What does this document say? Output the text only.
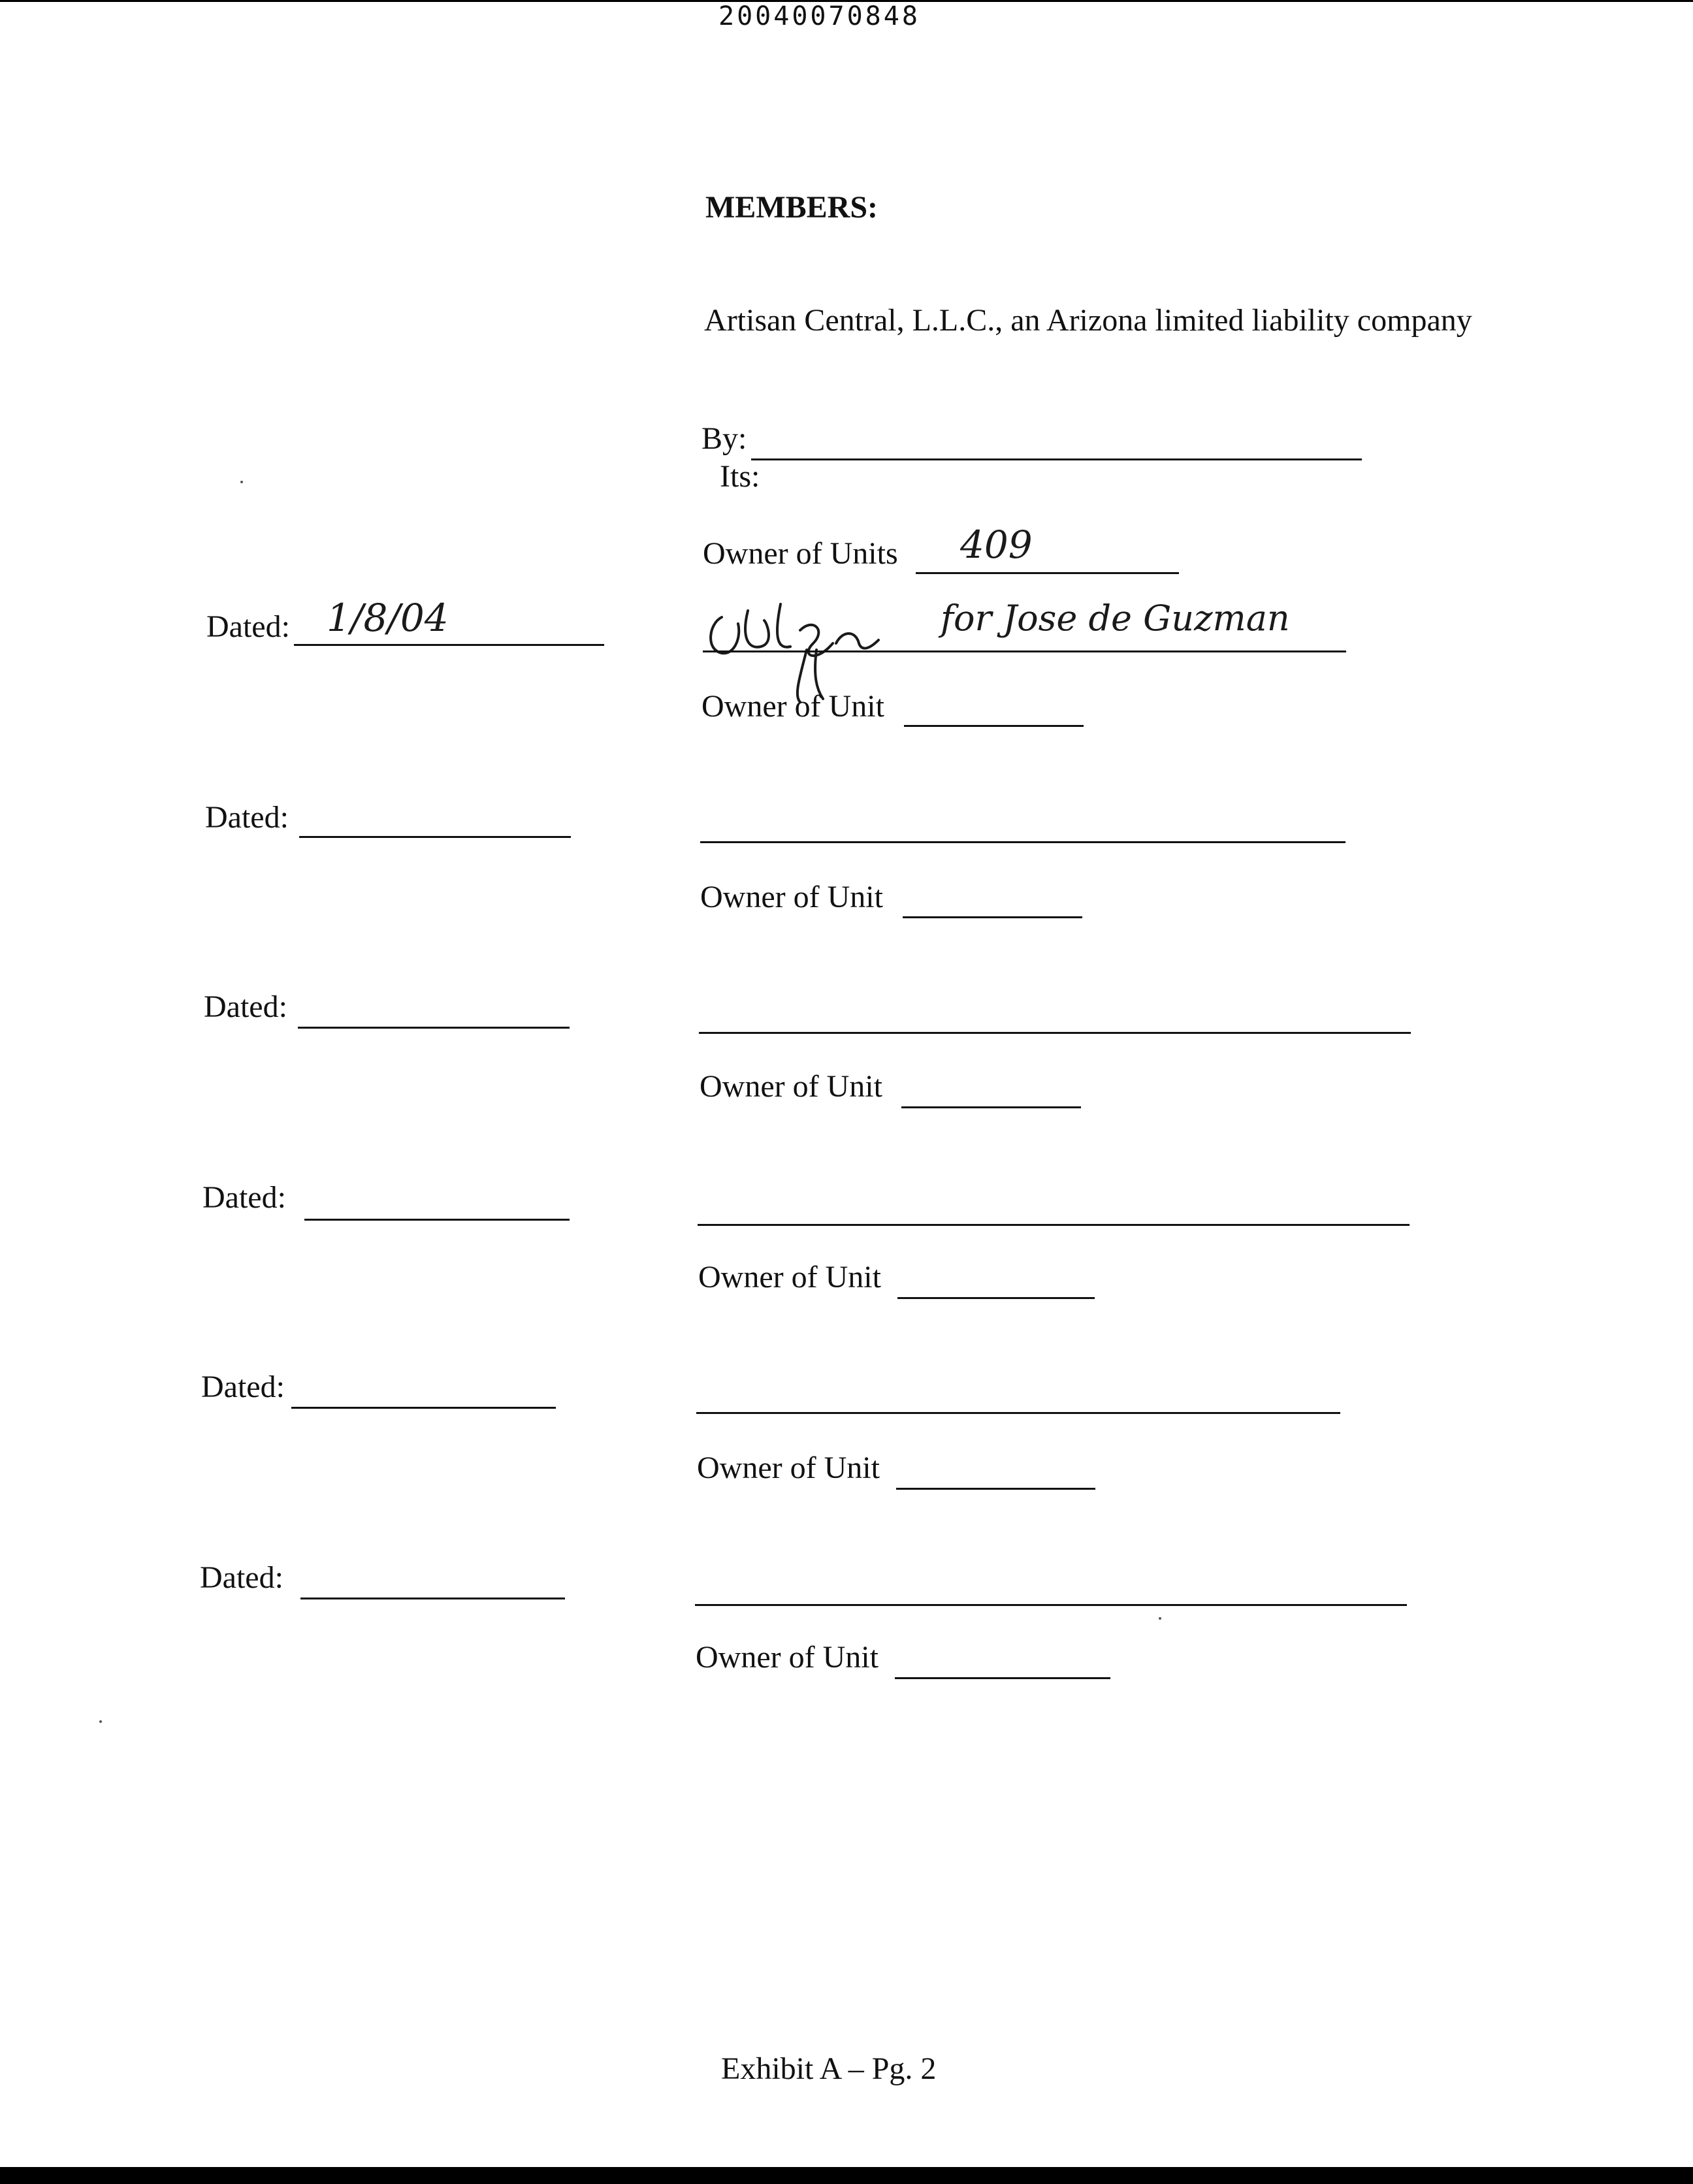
20040070848
MEMBERS:
Artisan Central, L.L.C., an Arizona limited liability company
By:
Its:
Owner of Units 409
Dated: 1/8/04	for Jose de Guzman
Owner of Unit
Dated:
Owner of Unit
Dated:
Owner of Unit
Dated:
Owner of Unit
Dated:
Owner of Unit
Dated:
Owner of Unit
Exhibit A – Pg. 2
